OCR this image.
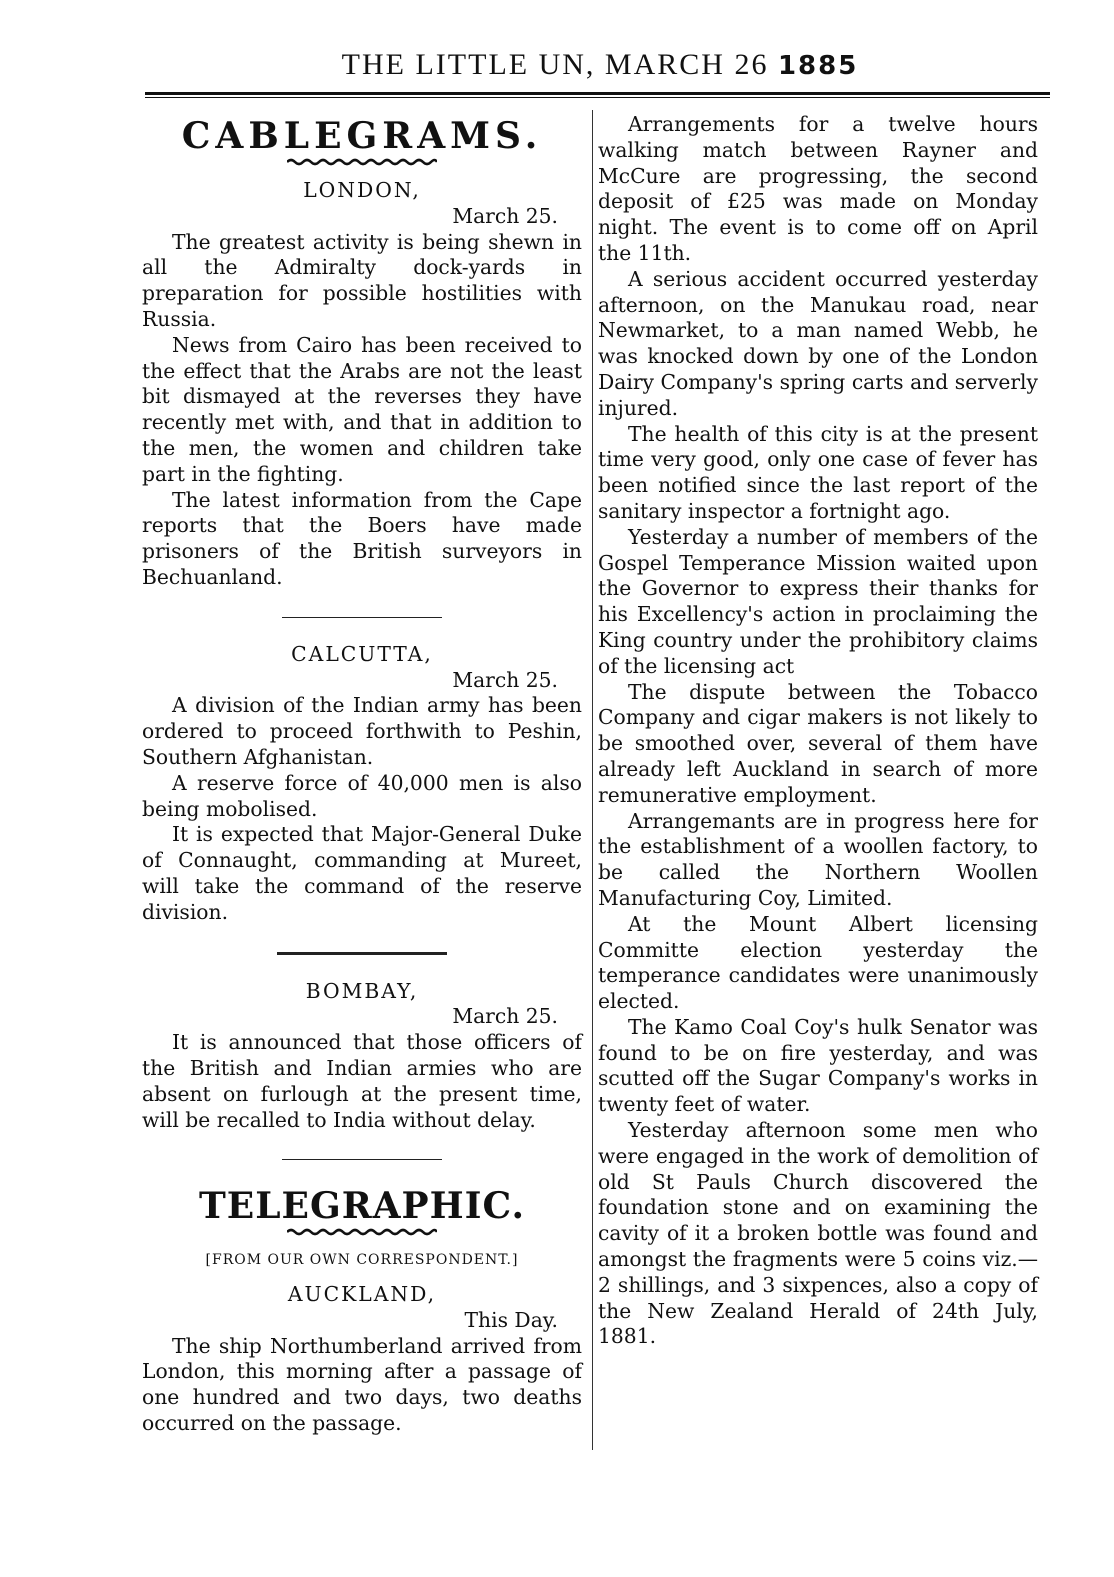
THE LITTLE UN, MARCH 26 1885
CABLEGRAMS.
LONDON,
March 25.

The greatest activity is being shewn in all the Admiralty dock-yards in preparation for possible hostilities with Russia.

News from Cairo has been received to the effect that the Arabs are not the least bit dismayed at the reverses they have recently met with, and that in addition to the men, the women and children take part in the fighting.

The latest information from the Cape reports that the Boers have made prisoners of the British surveyors in Bechuanland.

CALCUTTA,
March 25.

A division of the Indian army has been ordered to proceed forthwith to Peshin, Southern Afghanistan.

A reserve force of 40,000 men is also being mobolised.

It is expected that Major-General Duke of Connaught, commanding at Mureet, will take the command of the reserve division.

BOMBAY,
March 25.

It is announced that those officers of the British and Indian armies who are absent on furlough at the present time, will be recalled to India without delay.

TELEGRAPHIC.
[FROM OUR OWN CORRESPONDENT.]
AUCKLAND,
This Day.

The ship Northumberland arrived from London, this morning after a passage of one hundred and two days, two deaths occurred on the passage.

Arrangements for a twelve hours walking match between Rayner and McCure are progressing, the second deposit of £25 was made on Monday night. The event is to come off on April the 11th.

A serious accident occurred yesterday afternoon, on the Manukau road, near Newmarket, to a man named Webb, he was knocked down by one of the London Dairy Company's spring carts and serverly injured.

The health of this city is at the present time very good, only one case of fever has been notified since the last report of the sanitary inspector a fortnight ago.

Yesterday a number of members of the Gospel Temperance Mission waited upon the Governor to express their thanks for his Excellency's action in proclaiming the King country under the prohibitory claims of the licensing act

The dispute between the Tobacco Company and cigar makers is not likely to be smoothed over, several of them have already left Auckland in search of more remunerative employment.

Arrangemants are in progress here for the establishment of a woollen factory, to be called the Northern Woollen Manufacturing Coy, Limited.

At the Mount Albert licensing Committe election yesterday the temperance candidates were unanimously elected.

The Kamo Coal Coy's hulk Senator was found to be on fire yesterday, and was scutted off the Sugar Company's works in twenty feet of water.

Yesterday afternoon some men who were engaged in the work of demolition of old St Pauls Church discovered the foundation stone and on examining the cavity of it a broken bottle was found and amongst the fragments were 5 coins viz.—2 shillings, and 3 sixpences, also a copy of the New Zealand Herald of 24th July, 1881.
